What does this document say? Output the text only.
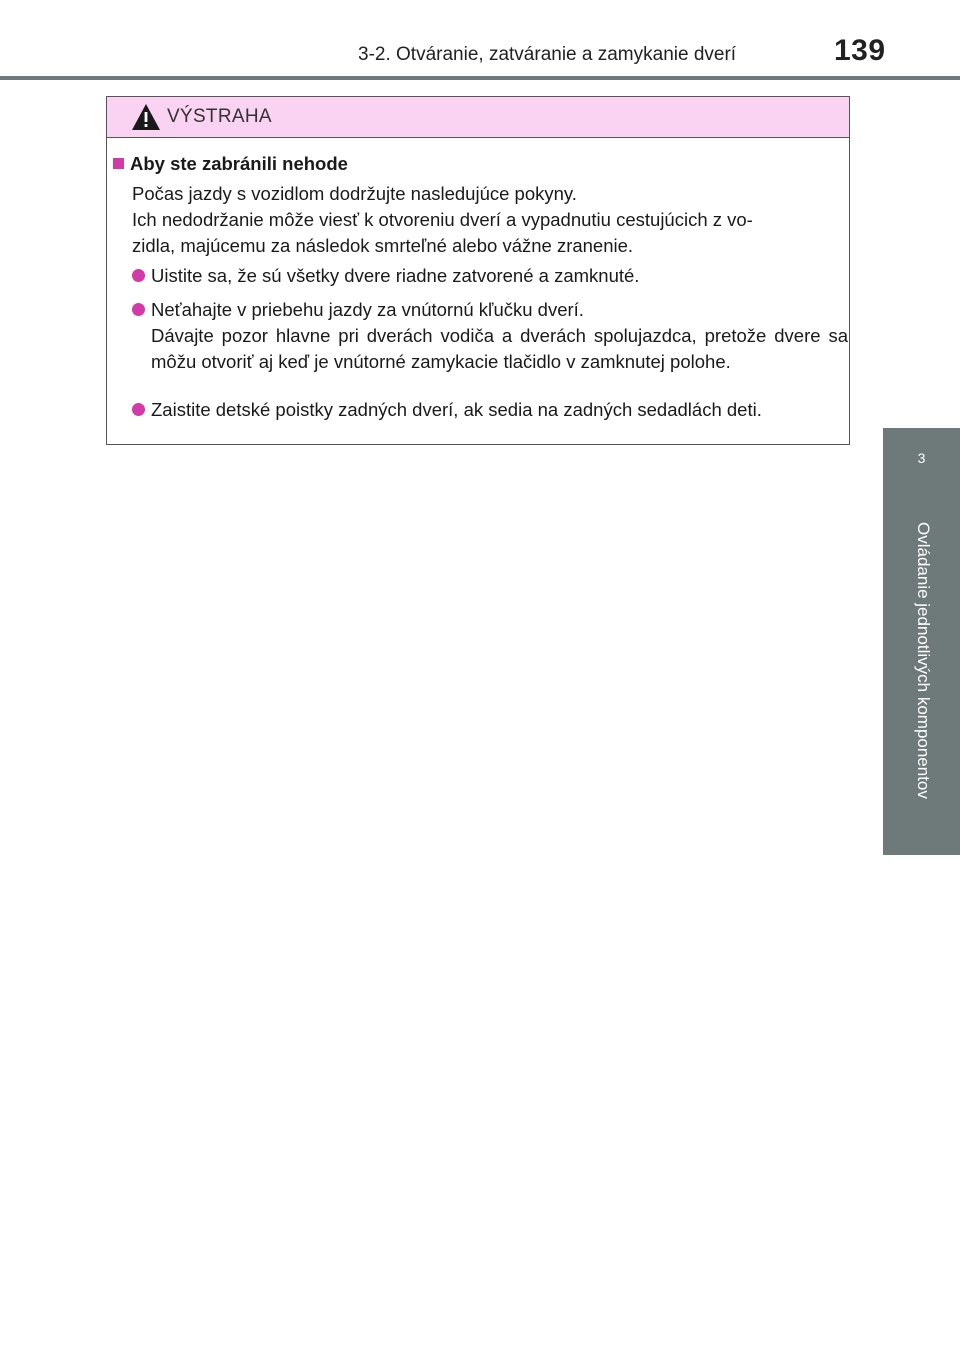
3-2. Otváranie, zatváranie a zamykanie dverí	139
3
Ovládanie jednotlivých komponentov
VÝSTRAHA
Aby ste zabránili nehode
Počas jazdy s vozidlom dodržujte nasledujúce pokyny.
Ich nedodržanie môže viesť k otvoreniu dverí a vypadnutiu cestujúcich z vo-
zidla, majúcemu za následok smrteľné alebo vážne zranenie.
Uistite sa, že sú všetky dvere riadne zatvorené a zamknuté.
Neťahajte v priebehu jazdy za vnútornú kľučku dverí.
Dávajte pozor hlavne pri dverách vodiča a dverách spolujazdca, pretože dvere sa môžu otvoriť aj keď je vnútorné zamykacie tlačidlo v zamknutej polohe.
Zaistite detské poistky zadných dverí, ak sedia na zadných sedadlách deti.
